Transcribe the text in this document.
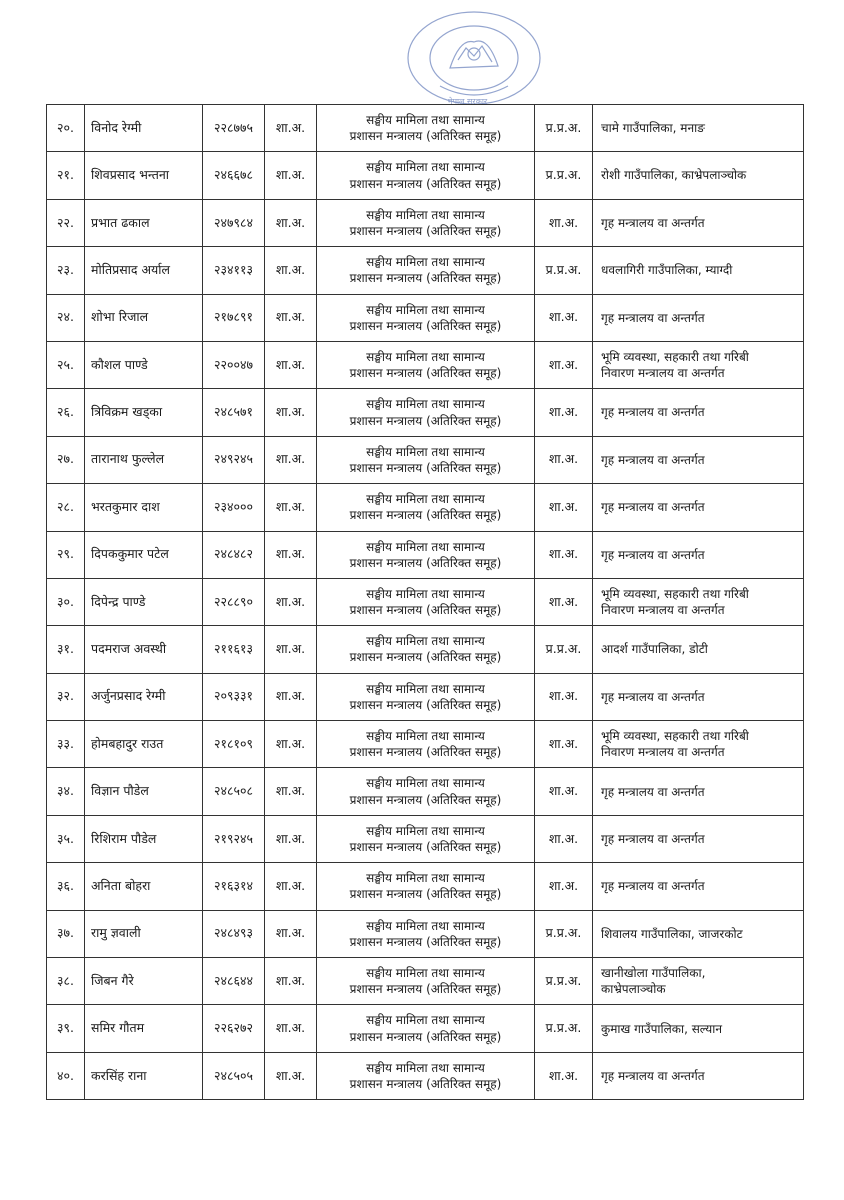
नेपाल सरकार
२०.	विनोद रेग्मी	२२८७७५	शा.अ.	सङ्घीय मामिला तथा सामान्य
प्रशासन मन्त्रालय (अतिरिक्त समूह)	प्र.प्र.अ.	चामे गाउँपालिका, मनाङ
२१.	शिवप्रसाद भन्तना	२४६६७८	शा.अ.	सङ्घीय मामिला तथा सामान्य
प्रशासन मन्त्रालय (अतिरिक्त समूह)	प्र.प्र.अ.	रोशी गाउँपालिका, काभ्रेपलाञ्चोक
२२.	प्रभात ढकाल	२४७९८४	शा.अ.	सङ्घीय मामिला तथा सामान्य
प्रशासन मन्त्रालय (अतिरिक्त समूह)	शा.अ.	गृह मन्त्रालय वा अन्तर्गत
२३.	मोतिप्रसाद अर्याल	२३४११३	शा.अ.	सङ्घीय मामिला तथा सामान्य
प्रशासन मन्त्रालय (अतिरिक्त समूह)	प्र.प्र.अ.	धवलागिरी गाउँपालिका, म्याग्दी
२४.	शोभा रिजाल	२१७८९१	शा.अ.	सङ्घीय मामिला तथा सामान्य
प्रशासन मन्त्रालय (अतिरिक्त समूह)	शा.अ.	गृह मन्त्रालय वा अन्तर्गत
२५.	कौशल पाण्डे	२२००४७	शा.अ.	सङ्घीय मामिला तथा सामान्य
प्रशासन मन्त्रालय (अतिरिक्त समूह)	शा.अ.	भूमि व्यवस्था, सहकारी तथा गरिबी
निवारण मन्त्रालय वा अन्तर्गत
२६.	त्रिविक्रम खड्का	२४८५७१	शा.अ.	सङ्घीय मामिला तथा सामान्य
प्रशासन मन्त्रालय (अतिरिक्त समूह)	शा.अ.	गृह मन्त्रालय वा अन्तर्गत
२७.	तारानाथ फुल्लेल	२४९२४५	शा.अ.	सङ्घीय मामिला तथा सामान्य
प्रशासन मन्त्रालय (अतिरिक्त समूह)	शा.अ.	गृह मन्त्रालय वा अन्तर्गत
२८.	भरतकुमार दाश	२३४०००	शा.अ.	सङ्घीय मामिला तथा सामान्य
प्रशासन मन्त्रालय (अतिरिक्त समूह)	शा.अ.	गृह मन्त्रालय वा अन्तर्गत
२९.	दिपककुमार पटेल	२४८४८२	शा.अ.	सङ्घीय मामिला तथा सामान्य
प्रशासन मन्त्रालय (अतिरिक्त समूह)	शा.अ.	गृह मन्त्रालय वा अन्तर्गत
३०.	दिपेन्द्र पाण्डे	२२८८९०	शा.अ.	सङ्घीय मामिला तथा सामान्य
प्रशासन मन्त्रालय (अतिरिक्त समूह)	शा.अ.	भूमि व्यवस्था, सहकारी तथा गरिबी
निवारण मन्त्रालय वा अन्तर्गत
३१.	पदमराज अवस्थी	२११६१३	शा.अ.	सङ्घीय मामिला तथा सामान्य
प्रशासन मन्त्रालय (अतिरिक्त समूह)	प्र.प्र.अ.	आदर्श गाउँपालिका, डोटी
३२.	अर्जुनप्रसाद रेग्मी	२०९३३१	शा.अ.	सङ्घीय मामिला तथा सामान्य
प्रशासन मन्त्रालय (अतिरिक्त समूह)	शा.अ.	गृह मन्त्रालय वा अन्तर्गत
३३.	होमबहादुर राउत	२१८१०९	शा.अ.	सङ्घीय मामिला तथा सामान्य
प्रशासन मन्त्रालय (अतिरिक्त समूह)	शा.अ.	भूमि व्यवस्था, सहकारी तथा गरिबी
निवारण मन्त्रालय वा अन्तर्गत
३४.	विज्ञान पौडेल	२४८५०८	शा.अ.	सङ्घीय मामिला तथा सामान्य
प्रशासन मन्त्रालय (अतिरिक्त समूह)	शा.अ.	गृह मन्त्रालय वा अन्तर्गत
३५.	रिशिराम पौडेल	२१९२४५	शा.अ.	सङ्घीय मामिला तथा सामान्य
प्रशासन मन्त्रालय (अतिरिक्त समूह)	शा.अ.	गृह मन्त्रालय वा अन्तर्गत
३६.	अनिता बोहरा	२१६३१४	शा.अ.	सङ्घीय मामिला तथा सामान्य
प्रशासन मन्त्रालय (अतिरिक्त समूह)	शा.अ.	गृह मन्त्रालय वा अन्तर्गत
३७.	रामु ज्ञवाली	२४८४९३	शा.अ.	सङ्घीय मामिला तथा सामान्य
प्रशासन मन्त्रालय (अतिरिक्त समूह)	प्र.प्र.अ.	शिवालय गाउँपालिका, जाजरकोट
३८.	जिबन गैरे	२४८६४४	शा.अ.	सङ्घीय मामिला तथा सामान्य
प्रशासन मन्त्रालय (अतिरिक्त समूह)	प्र.प्र.अ.	खानीखोला गाउँपालिका,
काभ्रेपलाञ्चोक
३९.	समिर गौतम	२२६२७२	शा.अ.	सङ्घीय मामिला तथा सामान्य
प्रशासन मन्त्रालय (अतिरिक्त समूह)	प्र.प्र.अ.	कुमाख गाउँपालिका, सल्यान
४०.	करसिंह राना	२४८५०५	शा.अ.	सङ्घीय मामिला तथा सामान्य
प्रशासन मन्त्रालय (अतिरिक्त समूह)	शा.अ.	गृह मन्त्रालय वा अन्तर्गत
